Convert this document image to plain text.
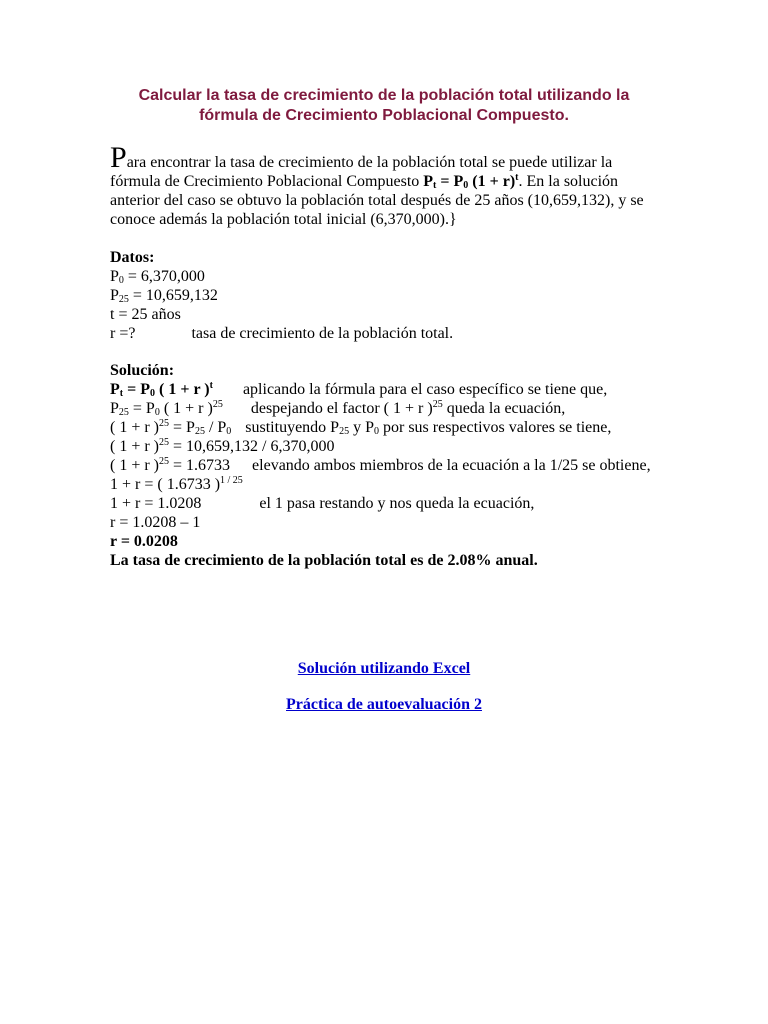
Calcular la tasa de crecimiento de la población total utilizando la
fórmula de Crecimiento Poblacional Compuesto.
Para encontrar la tasa de crecimiento de la población total se puede utilizar la fórmula de Crecimiento Poblacional Compuesto $P_t = P_0$ $(1 + r)^t$. En la solución anterior del caso se obtuvo la población total después de 25 años (10,659,132), y se conoce además la población total inicial (6,370,000).}
Datos:
$P_0 = 6,370,000$
$P_{25} = 10,659,132$
t = 25 años
r =?	tasa de crecimiento de la población total.
Solución:
$P_t = P_0$ ( 1 + r )$^t$ aplicando la fórmula para el caso específico se tiene que,
$P_{25} = P_0$ ( 1 + r )$^{25}$ despejando el factor ( 1 + r )$^{25}$ queda la ecuación,
( 1 + r )$^{25} = P_{25} / P_0$ sustituyendo $P_{25}$ y $P_0$ por sus respectivos valores se tiene,
( 1 + r )$^{25}$ = 10,659,132 / 6,370,000
( 1 + r )$^{25}$ = 1.6733 elevando ambos miembros de la ecuación a la 1/25 se obtiene,
1 + r = ( 1.6733 )$^{1 / 25}$
1 + r = 1.0208	el 1 pasa restando y nos queda la ecuación,
r = 1.0208 – 1
r = 0.0208
La tasa de crecimiento de la población total es de 2.08% anual.
Solución utilizando Excel
Práctica de autoevaluación 2
